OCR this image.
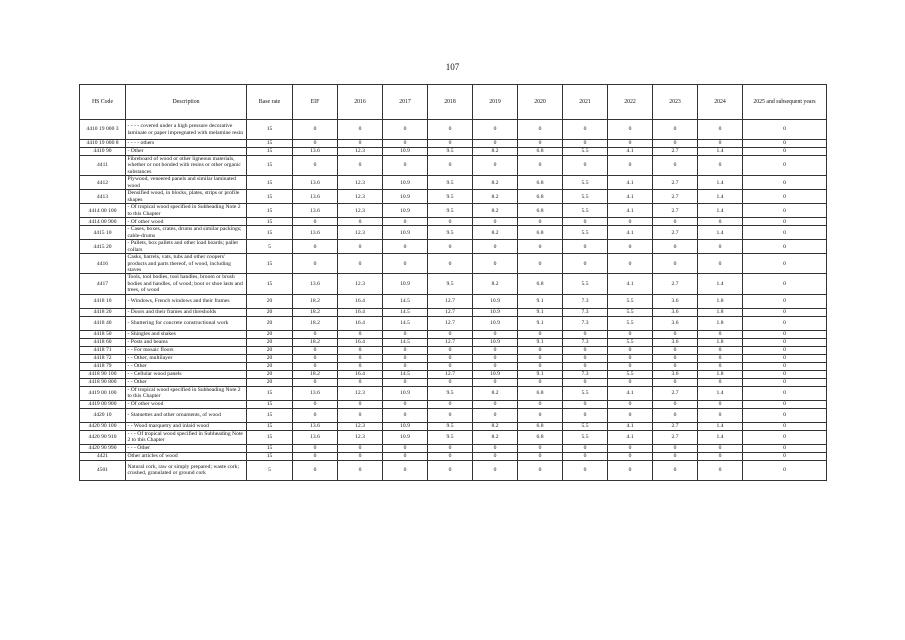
107
HS Code	Description	Base rate	EIF	2016	2017	2018	2019	2020	2021	2022	2023	2024	2025 and subsequent years
4410 19 000 3	- - - - covered under a high pressure decorative laminate or paper impregnated with melamine resin	15	0	0	0	0	0	0	0	0	0	0	0
4410 19 000 8	- - - - others	15	0	0	0	0	0	0	0	0	0	0	0
4410 90	- Other	15	13.6	12.3	10.9	9.5	8.2	6.8	5.5	4.1	2.7	1.4	0
4411	Fibreboard of wood or other ligneous materials, whether or not bonded with resins or other organic substances	15	0	0	0	0	0	0	0	0	0	0	0
4412	Plywood, veneered panels and similar laminated wood	15	13.6	12.3	10.9	9.5	8.2	6.8	5.5	4.1	2.7	1.4	0
4413	Densified wood, in blocks, plates, strips or profile shapes	15	13.6	12.3	10.9	9.5	8.2	6.8	5.5	4.1	2.7	1.4	0
4414 00 100	- Of tropical wood specified in Subheading Note 2 to this Chapter	15	13.6	12.3	10.9	9.5	8.2	6.8	5.5	4.1	2.7	1.4	0
4414 00 900	- Of other wood	15	0	0	0	0	0	0	0	0	0	0	0
4415 10	- Cases, boxes, crates, drums and similar packings; cable-drums	15	13.6	12.3	10.9	9.5	8.2	6.8	5.5	4.1	2.7	1.4	0
4415 20	- Pallets, box pallets and other load boards; pallet collars	5	0	0	0	0	0	0	0	0	0	0	0
4416	Casks, barrels, vats, tubs and other coopers' products and parts thereof, of wood, including staves	15	0	0	0	0	0	0	0	0	0	0	0
4417	Tools, tool bodies, tool handles, broom or brush bodies and handles, of wood; boot or shoe lasts and trees, of wood	15	13.6	12.3	10.9	9.5	8.2	6.8	5.5	4.1	2.7	1.4	0
4418 10	- Windows, French windows and their frames	20	18.2	16.4	14.5	12.7	10.9	9.1	7.3	5.5	3.6	1.8	0
4418 20	- Doors and their frames and thresholds	20	18.2	16.4	14.5	12.7	10.9	9.1	7.3	5.5	3.6	1.8	0
4418 40	- Shuttering for concrete constructional work	20	18.2	16.4	14.5	12.7	10.9	9.1	7.3	5.5	3.6	1.8	0
4418 50	- Shingles and shakes	20	0	0	0	0	0	0	0	0	0	0	0
4418 60	- Posts and beams	20	18.2	16.4	14.5	12.7	10.9	9.1	7.3	5.5	3.6	1.8	0
4418 71	- - For mosaic floors	20	0	0	0	0	0	0	0	0	0	0	0
4418 72	- - Other, multilayer	20	0	0	0	0	0	0	0	0	0	0	0
4418 79	- - Other	20	0	0	0	0	0	0	0	0	0	0	0
4418 90 100	- - Cellular wood panels	20	18.2	16.4	14.5	12.7	10.9	9.1	7.3	5.5	3.6	1.8	0
4418 90 800	- - Other	20	0	0	0	0	0	0	0	0	0	0	0
4419 00 100	- Of tropical wood specified in Subheading Note 2 to this Chapter	15	13.6	12.3	10.9	9.5	8.2	6.8	5.5	4.1	2.7	1.4	0
4419 00 900	- Of other wood	15	0	0	0	0	0	0	0	0	0	0	0
4420 10	- Statuettes and other ornaments, of wood	15	0	0	0	0	0	0	0	0	0	0	0
4420 90 100	- - Wood marquetry and inlaid wood	15	13.6	12.3	10.9	9.5	8.2	6.8	5.5	4.1	2.7	1.4	0
4420 90 910	- - - Of tropical wood specified in Subheading Note 2 to this Chapter	15	13.6	12.3	10.9	9.5	8.2	6.8	5.5	4.1	2.7	1.4	0
4420 90 990	- - - Other	15	0	0	0	0	0	0	0	0	0	0	0
4421	Other articles of wood	15	0	0	0	0	0	0	0	0	0	0	0
4501	Natural cork, raw or simply prepared; waste cork; crushed, granulated or ground cork	5	0	0	0	0	0	0	0	0	0	0	0
